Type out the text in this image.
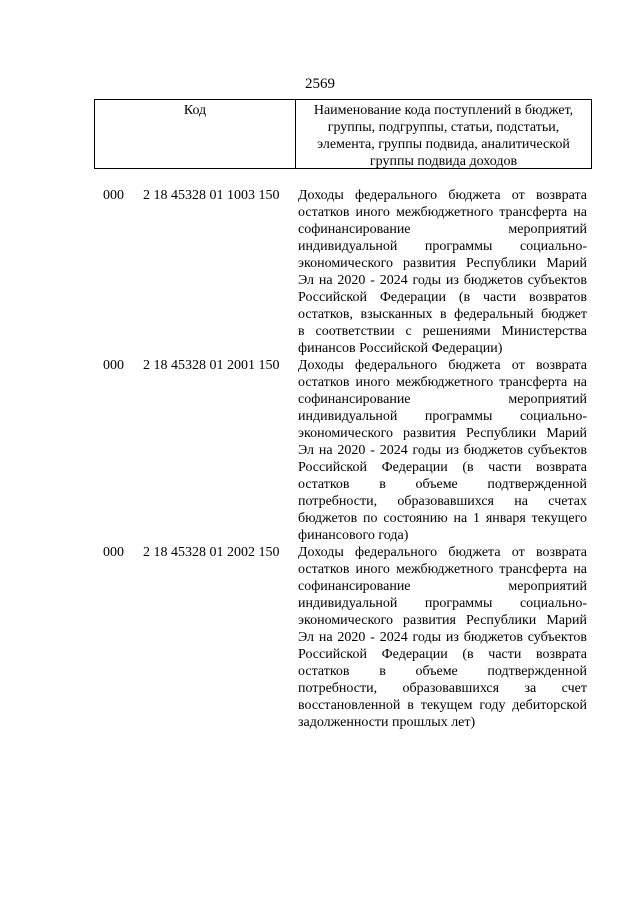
2569
Код	Наименование кода поступлений в бюджет,
группы, подгруппы, статьи, подстатьи,
элемента, группы подвида, аналитической
группы подвида доходов
000 2 18 45328 01 1003 150 Доходы федерального бюджета от возврата
остатков иного межбюджетного трансферта на
софинансирование мероприятий
индивидуальной программы социально-
экономического развития Республики Марий
Эл на 2020 - 2024 годы из бюджетов субъектов
Российской Федерации (в части возвратов
остатков, взысканных в федеральный бюджет
в соответствии с решениями Министерства
финансов Российской Федерации)
000 2 18 45328 01 2001 150 Доходы федерального бюджета от возврата
остатков иного межбюджетного трансферта на
софинансирование мероприятий
индивидуальной программы социально-
экономического развития Республики Марий
Эл на 2020 - 2024 годы из бюджетов субъектов
Российской Федерации (в части возврата
остатков в объеме подтвержденной
потребности, образовавшихся на счетах
бюджетов по состоянию на 1 января текущего
финансового года)
000 2 18 45328 01 2002 150 Доходы федерального бюджета от возврата
остатков иного межбюджетного трансферта на
софинансирование мероприятий
индивидуальной программы социально-
экономического развития Республики Марий
Эл на 2020 - 2024 годы из бюджетов субъектов
Российской Федерации (в части возврата
остатков в объеме подтвержденной
потребности, образовавшихся за счет
восстановленной в текущем году дебиторской
задолженности прошлых лет)
